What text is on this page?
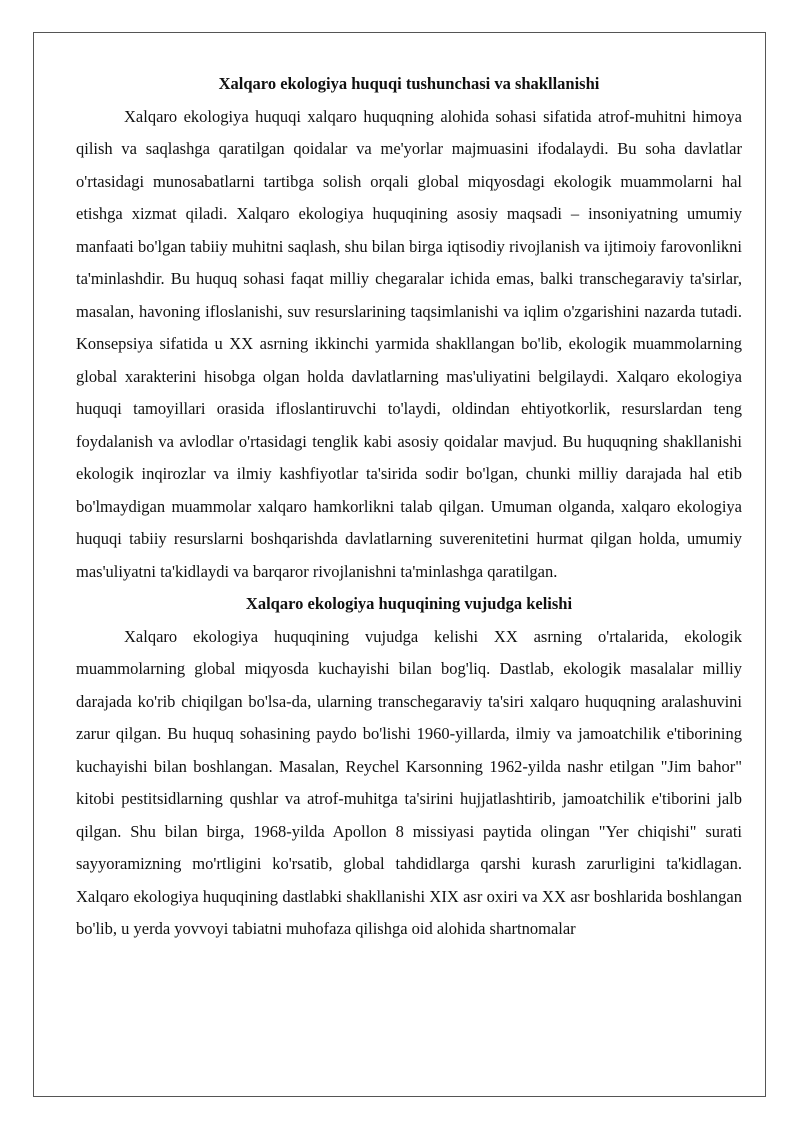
Xalqaro ekologiya huquqi tushunchasi va shakllanishi

Xalqaro ekologiya huquqi xalqaro huquqning alohida sohasi sifatida atrof-muhitni himoya qilish va saqlashga qaratilgan qoidalar va me'yorlar majmuasini ifodalaydi. Bu soha davlatlar o'rtasidagi munosabatlarni tartibga solish orqali global miqyosdagi ekologik muammolarni hal etishga xizmat qiladi. Xalqaro ekologiya huquqining asosiy maqsadi – insoniyatning umumiy manfaati bo'lgan tabiiy muhitni saqlash, shu bilan birga iqtisodiy rivojlanish va ijtimoiy farovonlikni ta'minlashdir. Bu huquq sohasi faqat milliy chegaralar ichida emas, balki transchegaraviy ta'sirlar, masalan, havoning ifloslanishi, suv resurslarining taqsimlanishi va iqlim o'zgarishini nazarda tutadi. Konsepsiya sifatida u XX asrning ikkinchi yarmida shakllangan bo'lib, ekologik muammolarning global xarakterini hisobga olgan holda davlatlarning mas'uliyatini belgilaydi. Xalqaro ekologiya huquqi tamoyillari orasida ifloslantiruvchi to'laydi, oldindan ehtiyotkorlik, resurslardan teng foydalanish va avlodlar o'rtasidagi tenglik kabi asosiy qoidalar mavjud. Bu huquqning shakllanishi ekologik inqirozlar va ilmiy kashfiyotlar ta'sirida sodir bo'lgan, chunki milliy darajada hal etib bo'lmaydigan muammolar xalqaro hamkorlikni talab qilgan. Umuman olganda, xalqaro ekologiya huquqi tabiiy resurslarni boshqarishda davlatlarning suverenitetini hurmat qilgan holda, umumiy mas'uliyatni ta'kidlaydi va barqaror rivojlanishni ta'minlashga qaratilgan.

Xalqaro ekologiya huquqining vujudga kelishi

Xalqaro ekologiya huquqining vujudga kelishi XX asrning o'rtalarida, ekologik muammolarning global miqyosda kuchayishi bilan bog'liq. Dastlab, ekologik masalalar milliy darajada ko'rib chiqilgan bo'lsa-da, ularning transchegaraviy ta'siri xalqaro huquqning aralashuvini zarur qilgan. Bu huquq sohasining paydo bo'lishi 1960-yillarda, ilmiy va jamoatchilik e'tiborining kuchayishi bilan boshlangan. Masalan, Reychel Karsonning 1962-yilda nashr etilgan "Jim bahor" kitobi pestitsidlarning qushlar va atrof-muhitga ta'sirini hujjatlashtirib, jamoatchilik e'tiborini jalb qilgan. Shu bilan birga, 1968-yilda Apollon 8 missiyasi paytida olingan "Yer chiqishi" surati sayyoramizning mo'rtligini ko'rsatib, global tahdidlarga qarshi kurash zarurligini ta'kidlagan. Xalqaro ekologiya huquqining dastlabki shakllanishi XIX asr oxiri va XX asr boshlarida boshlangan bo'lib, u yerda yovvoyi tabiatni muhofaza qilishga oid alohida shartnomalar
